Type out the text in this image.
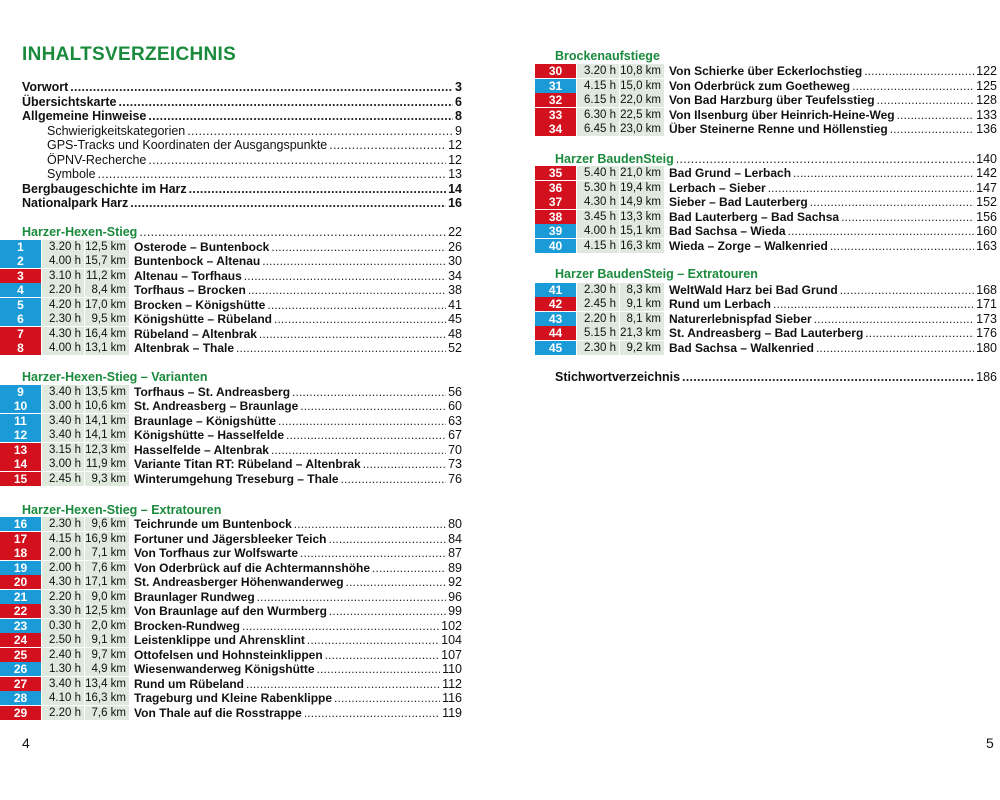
INHALTSVERZEICHNIS
Vorwort . . .	3
Übersichtskarte . . .	6
Allgemeine Hinweise . . .	8
Schwierigkeitskategorien . . .	9
GPS-Tracks und Koordinaten der Ausgangspunkte . . .	12
ÖPNV-Recherche . . .	12
Symbole . . .	13
Bergbaugeschichte im Harz . . .	14
Nationalpark Harz . . .	16
Harzer-Hexen-Stieg . . .	22
1	3.20 h 12,5 km Osterode – Buntenbock . . .	26
2	4.00 h 15,7 km Buntenbock – Altenau . . .	30
3	3.10 h 11,2 km Altenau – Torfhaus . . .	34
4	2.20 h 8,4 km Torfhaus – Brocken . . .	38
5	4.20 h 17,0 km Brocken – Königshütte . . .	41
6	2.30 h 9,5 km Königshütte – Rübeland . . .	45
7	4.30 h 16,4 km Rübeland – Altenbrak . . .	48
8	4.00 h 13,1 km Altenbrak – Thale . . .	52
Harzer-Hexen-Stieg – Varianten
9	3.40 h 13,5 km Torfhaus – St. Andreasberg . . .	56
10	3.00 h 10,6 km St. Andreasberg – Braunlage . . .	60
11	3.40 h 14,1 km Braunlage – Königshütte . . .	63
12	3.40 h 14,1 km Königshütte – Hasselfelde . . .	67
13	3.15 h 12,3 km Hasselfelde – Altenbrak . . .	70
14	3.00 h 11,9 km Variante Titan RT: Rübeland – Altenbrak . . .	73
15	2.45 h 9,3 km Winterumgehung Treseburg – Thale . . .	76
Harzer-Hexen-Stieg – Extratouren
16	2.30 h 9,6 km Teichrunde um Buntenbock . . .	80
17	4.15 h 16,9 km Fortuner und Jägersbleeker Teich . . .	84
18	2.00 h 7,1 km Von Torfhaus zur Wolfswarte . . .	87
19	2.00 h 7,6 km Von Oderbrück auf die Achtermannshöhe . . .	89
20	4.30 h 17,1 km St. Andreasberger Höhenwanderweg . . .	92
21	2.20 h 9,0 km Braunlager Rundweg . . .	96
22	3.30 h 12,5 km Von Braunlage auf den Wurmberg . . .	99
23	0.30 h 2,0 km Brocken-Rundweg . . .	102
24	2.50 h 9,1 km Leistenklippe und Ahrensklint . . .	104
25	2.40 h 9,7 km Ottofelsen und Hohnsteinklippen . . .	107
26	1.30 h 4,9 km Wiesenwanderweg Königshütte . . .	110
27	3.40 h 13,4 km Rund um Rübeland . . .	112
28	4.10 h 16,3 km Trageburg und Kleine Rabenklippe . . .	116
29	2.20 h 7,6 km Von Thale auf die Rosstrappe . . .	119
Brockenaufstiege
30	3.20 h 10,8 km Von Schierke über Eckerlochstieg . . .	122
31	4.15 h 15,0 km Von Oderbrück zum Goetheweg . . .	125
32	6.15 h 22,0 km Von Bad Harzburg über Teufelsstieg . . .	128
33	6.30 h 22,5 km Von Ilsenburg über Heinrich-Heine-Weg . . .	133
34	6.45 h 23,0 km Über Steinerne Renne und Höllenstieg . . .	136
Harzer BaudenSteig . . .	140
35	5.40 h 21,0 km Bad Grund – Lerbach . . .	142
36	5.30 h 19,4 km Lerbach – Sieber . . .	147
37	4.30 h 14,9 km Sieber – Bad Lauterberg . . .	152
38	3.45 h 13,3 km Bad Lauterberg – Bad Sachsa . . .	156
39	4.00 h 15,1 km Bad Sachsa – Wieda . . .	160
40	4.15 h 16,3 km Wieda – Zorge – Walkenried . . .	163
Harzer BaudenSteig – Extratouren
41	2.30 h 8,3 km WeltWald Harz bei Bad Grund . . .	168
42	2.45 h 9,1 km Rund um Lerbach . . .	171
43	2.20 h 8,1 km Naturerlebnispfad Sieber . . .	173
44	5.15 h 21,3 km St. Andreasberg – Bad Lauterberg . . .	176
45	2.30 h 9,2 km Bad Sachsa – Walkenried . . .	180
Stichwortverzeichnis . . .	186
4	5
